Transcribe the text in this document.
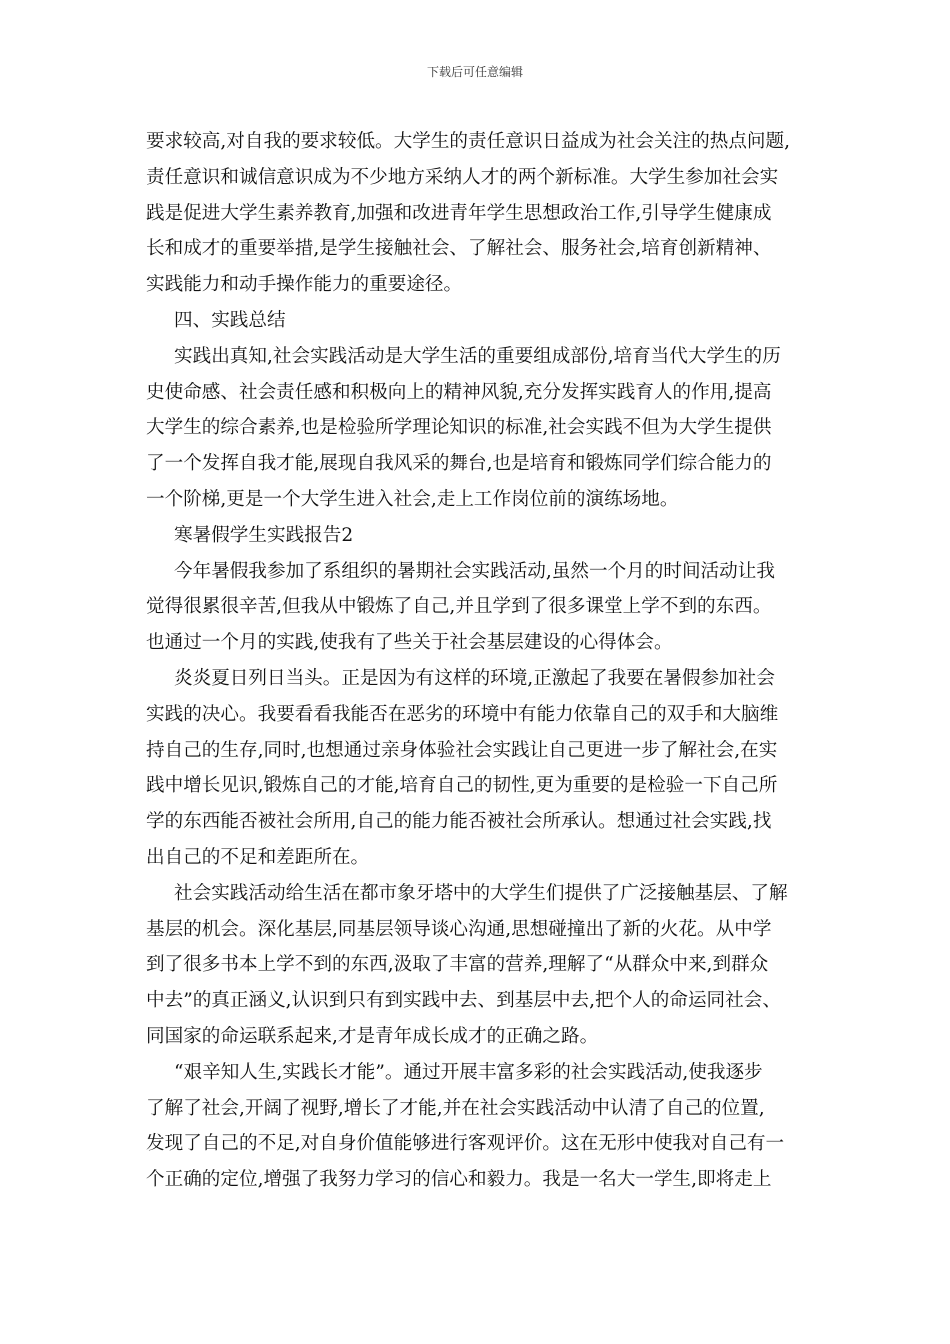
下载后可任意编辑
要求较高,对自我的要求较低。大学生的责任意识日益成为社会关注的热点问题,
责任意识和诚信意识成为不少地方采纳人才的两个新标准。大学生参加社会实
践是促进大学生素养教育,加强和改进青年学生思想政治工作,引导学生健康成
长和成才的重要举措,是学生接触社会、了解社会、服务社会,培育创新精神、
实践能力和动手操作能力的重要途径。
四、实践总结
实践出真知,社会实践活动是大学生活的重要组成部份,培育当代大学生的历
史使命感、社会责任感和积极向上的精神风貌,充分发挥实践育人的作用,提高
大学生的综合素养,也是检验所学理论知识的标准,社会实践不但为大学生提供
了一个发挥自我才能,展现自我风采的舞台,也是培育和锻炼同学们综合能力的
一个阶梯,更是一个大学生进入社会,走上工作岗位前的演练场地。
寒暑假学生实践报告2
今年暑假我参加了系组织的暑期社会实践活动,虽然一个月的时间活动让我
觉得很累很辛苦,但我从中锻炼了自己,并且学到了很多课堂上学不到的东西。
也通过一个月的实践,使我有了些关于社会基层建设的心得体会。
炎炎夏日列日当头。正是因为有这样的环境,正激起了我要在暑假参加社会
实践的决心。我要看看我能否在恶劣的环境中有能力依靠自己的双手和大脑维
持自己的生存,同时,也想通过亲身体验社会实践让自己更进一步了解社会,在实
践中增长见识,锻炼自己的才能,培育自己的韧性,更为重要的是检验一下自己所
学的东西能否被社会所用,自己的能力能否被社会所承认。想通过社会实践,找
出自己的不足和差距所在。
社会实践活动给生活在都市象牙塔中的大学生们提供了广泛接触基层、了解
基层的机会。深化基层,同基层领导谈心沟通,思想碰撞出了新的火花。从中学
到了很多书本上学不到的东西,汲取了丰富的营养,理解了“从群众中来,到群众
中去”的真正涵义,认识到只有到实践中去、到基层中去,把个人的命运同社会、
同国家的命运联系起来,才是青年成长成才的正确之路。
“艰辛知人生,实践长才能”。通过开展丰富多彩的社会实践活动,使我逐步
了解了社会,开阔了视野,增长了才能,并在社会实践活动中认清了自己的位置,
发现了自己的不足,对自身价值能够进行客观评价。这在无形中使我对自己有一
个正确的定位,增强了我努力学习的信心和毅力。我是一名大一学生,即将走上
